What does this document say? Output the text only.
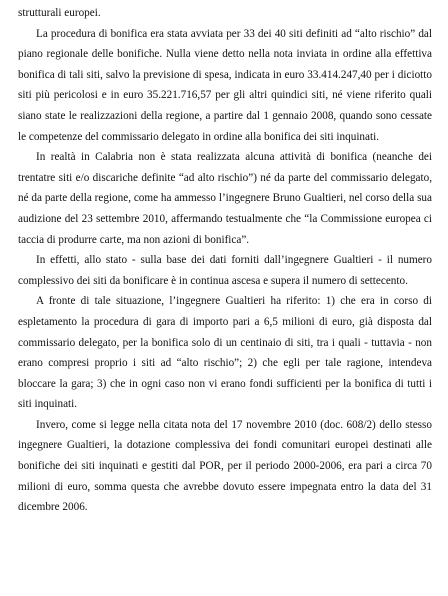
strutturali europei.

La procedura di bonifica era stata avviata per 33 dei 40 siti definiti ad “alto rischio” dal piano regionale delle bonifiche. Nulla viene detto nella nota inviata in ordine alla effettiva bonifica di tali siti, salvo la previsione di spesa, indicata in euro 33.414.247,40 per i diciotto siti più pericolosi e in euro 35.221.716,57 per gli altri quindici siti, né viene riferito quali siano state le realizzazioni della regione, a partire dal 1 gennaio 2008, quando sono cessate le competenze del commissario delegato in ordine alla bonifica dei siti inquinati.

In realtà in Calabria non è stata realizzata alcuna attività di bonifica (neanche dei trentatre siti e/o discariche definite “ad alto rischio”) né da parte del commissario delegato, né da parte della regione, come ha ammesso l’ingegnere Bruno Gualtieri, nel corso della sua audizione del 23 settembre 2010, affermando testualmente che “la Commissione europea ci taccia di produrre carte, ma non azioni di bonifica”.

In effetti, allo stato - sulla base dei dati forniti dall’ingegnere Gualtieri - il numero complessivo dei siti da bonificare è in continua ascesa e supera il numero di settecento.

A fronte di tale situazione, l’ingegnere Gualtieri ha riferito: 1) che era in corso di espletamento la procedura di gara di importo pari a 6,5 milioni di euro, già disposta dal commissario delegato, per la bonifica solo di un centinaio di siti, tra i quali - tuttavia - non erano compresi proprio i siti ad “alto rischio”; 2) che egli per tale ragione, intendeva bloccare la gara; 3) che in ogni caso non vi erano fondi sufficienti per la bonifica di tutti i siti inquinati.

Invero, come si legge nella citata nota del 17 novembre 2010 (doc. 608/2) dello stesso ingegnere Gualtieri, la dotazione complessiva dei fondi comunitari europei destinati alle bonifiche dei siti inquinati e gestiti dal POR, per il periodo 2000-2006, era pari a circa 70 milioni di euro, somma questa che avrebbe dovuto essere impegnata entro la data del 31 dicembre 2006.
